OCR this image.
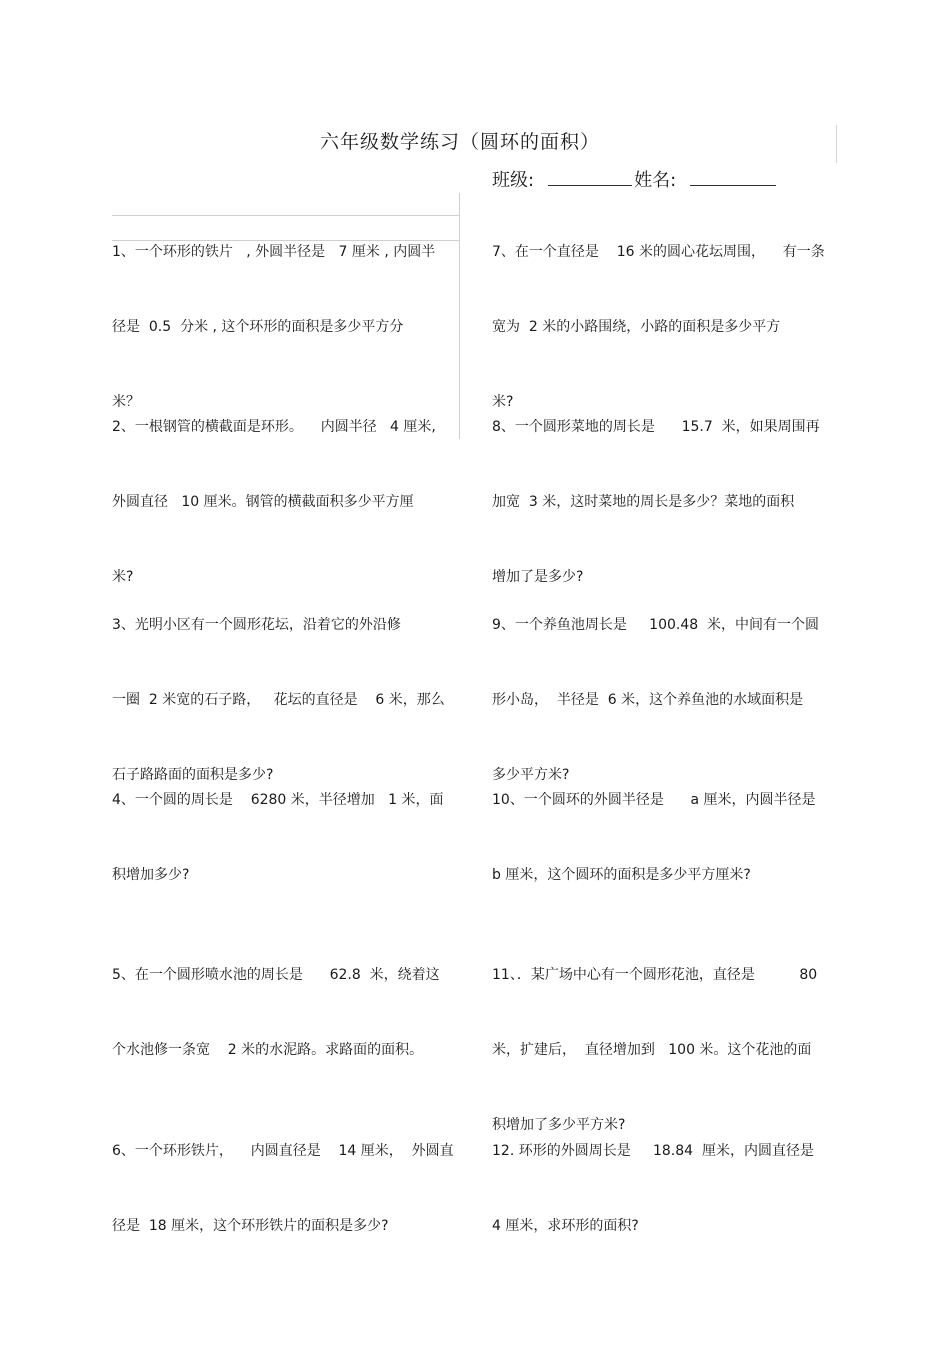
六年级数学练习（圆环的面积）
班级:	姓名:

1、一个环形的铁片   , 外圆半径是   7 厘米 , 内圆半

径是  0.5  分米 , 这个环形的面积是多少平方分

米？

2、一根钢管的横截面是环形。    内圆半径   4 厘米,

外圆直径   10 厘米。钢管的横截面积多少平方厘

米?

3、光明小区有一个圆形花坛，沿着它的外沿修

一圈  2 米宽的石子路，   花坛的直径是    6 米，那么

石子路路面的面积是多少?

4、一个圆的周长是    6280 米，半径增加   1 米，面

积增加多少?

5、在一个圆形喷水池的周长是      62.8  米，绕着这

个水池修一条宽    2 米的水泥路。求路面的面积。

6、一个环形铁片，    内圆直径是    14 厘米，  外圆直

径是  18 厘米，这个环形铁片的面积是多少?

7、在一个直径是    16 米的圆心花坛周围，    有一条

宽为  2 米的小路围绕，小路的面积是多少平方

米?

8、一个圆形菜地的周长是      15.7  米，如果周围再

加宽  3 米，这时菜地的周长是多少？菜地的面积

增加了是多少?

9、一个养鱼池周长是     100.48  米，中间有一个圆

形小岛，  半径是  6 米，这个养鱼池的水域面积是

多少平方米?

10、一个圆环的外圆半径是      a 厘米，内圆半径是

b 厘米，这个圆环的面积是多少平方厘米?

11、．某广场中心有一个圆形花池，直径是          80

米，扩建后，  直径增加到   100 米。这个花池的面

积增加了多少平方米?

12. 环形的外圆周长是     18.84  厘米，内圆直径是

4 厘米，求环形的面积?
